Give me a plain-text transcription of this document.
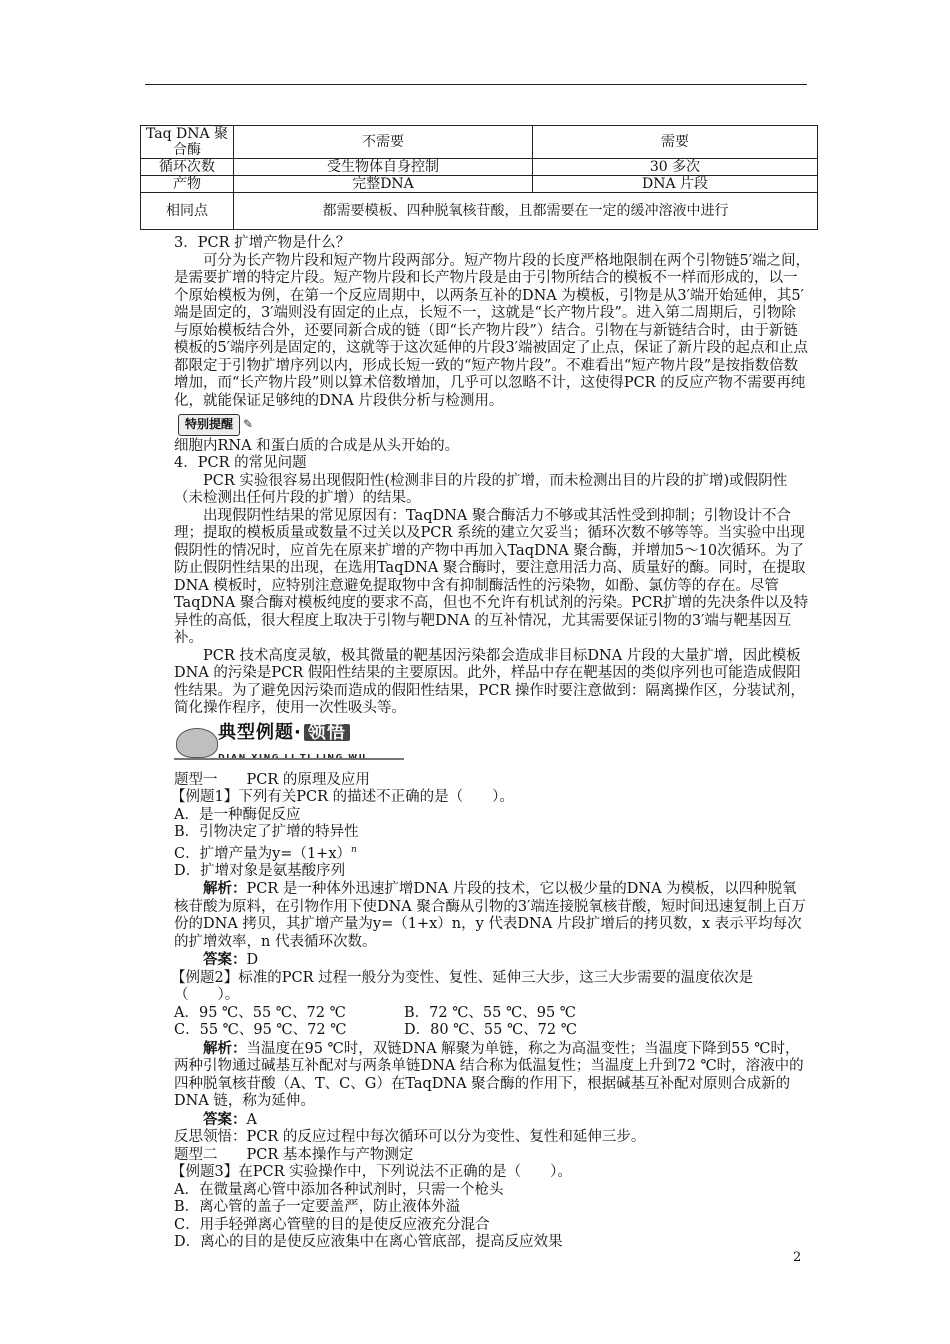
Taq DNA 聚
合酶	不需要	需要
循环次数	受生物体自身控制	30 多次
产物	完整DNA	DNA 片段
相同点	都需要模板、四种脱氧核苷酸，且都需要在一定的缓冲溶液中进行	

3．PCR 扩增产物是什么？

可分为长产物片段和短产物片段两部分。短产物片段的长度严格地限制在两个引物链5′端之间，是需要扩增的特定片段。短产物片段和长产物片段是由于引物所结合的模板不一样而形成的，以一个原始模板为例，在第一个反应周期中，以两条互补的DNA 为模板，引物是从3′端开始延伸，其5′端是固定的，3′端则没有固定的止点，长短不一，这就是“长产物片段”。进入第二周期后，引物除与原始模板结合外，还要同新合成的链（即“长产物片段”）结合。引物在与新链结合时，由于新链模板的5′端序列是固定的，这就等于这次延伸的片段3′端被固定了止点，保证了新片段的起点和止点都限定于引物扩增序列以内，形成长短一致的“短产物片段”。不难看出“短产物片段”是按指数倍数增加，而“长产物片段”则以算术倍数增加，几乎可以忽略不计，这使得PCR 的反应产物不需要再纯化，就能保证足够纯的DNA 片段供分析与检测用。

特别提醒 ✎

细胞内RNA 和蛋白质的合成是从头开始的。

4．PCR 的常见问题

PCR 实验很容易出现假阳性(检测非目的片段的扩增，而未检测出目的片段的扩增)或假阴性（未检测出任何片段的扩增）的结果。

出现假阴性结果的常见原因有：TaqDNA 聚合酶活力不够或其活性受到抑制；引物设计不合理；提取的模板质量或数量不过关以及PCR 系统的建立欠妥当；循环次数不够等等。当实验中出现假阴性的情况时，应首先在原来扩增的产物中再加入TaqDNA 聚合酶，并增加5～10次循环。为了防止假阴性结果的出现，在选用TaqDNA 聚合酶时，要注意用活力高、质量好的酶。同时，在提取DNA 模板时，应特别注意避免提取物中含有抑制酶活性的污染物，如酚、氯仿等的存在。尽管TaqDNA 聚合酶对模板纯度的要求不高，但也不允许有机试剂的污染。PCR扩增的先决条件以及特异性的高低，很大程度上取决于引物与靶DNA 的互补情况，尤其需要保证引物的3′端与靶基因互补。

PCR 技术高度灵敏，极其微量的靶基因污染都会造成非目标DNA 片段的大量扩增，因此模板DNA 的污染是PCR 假阳性结果的主要原因。此外，样品中存在靶基因的类似序列也可能造成假阳性结果。为了避免因污染而造成的假阳性结果，PCR 操作时要注意做到：隔离操作区，分装试剂，简化操作程序，使用一次性吸头等。

典型例题· 领悟

题型一　　PCR 的原理及应用

【例题1】下列有关PCR 的描述不正确的是（　　）。

A．是一种酶促反应

B．引物决定了扩增的特异性

C．扩增产量为$y=(1+x)^n$

D．扩增对象是氨基酸序列

解析：PCR 是一种体外迅速扩增DNA 片段的技术，它以极少量的DNA 为模板，以四种脱氧核苷酸为原料，在引物作用下使DNA 聚合酶从引物的3′端连接脱氧核苷酸，短时间迅速复制上百万份的DNA 拷贝，其扩增产量为y=（1+x）n，y 代表DNA 片段扩增后的拷贝数，x 表示平均每次的扩增效率，n 代表循环次数。

答案：D

【例题2】标准的PCR 过程一般分为变性、复性、延伸三大步，这三大步需要的温度依次是（　　）。

A．95 ℃、55 ℃、72 ℃	B．72 ℃、55 ℃、95 ℃

C．55 ℃、95 ℃、72 ℃	D．80 ℃、55 ℃、72 ℃

解析：当温度在95 ℃时，双链DNA 解聚为单链，称之为高温变性；当温度下降到55 ℃时，两种引物通过碱基互补配对与两条单链DNA 结合称为低温复性；当温度上升到72 ℃时，溶液中的四种脱氧核苷酸（A、T、C、G）在TaqDNA 聚合酶的作用下，根据碱基互补配对原则合成新的DNA 链，称为延伸。

答案：A

反思领悟：PCR 的反应过程中每次循环可以分为变性、复性和延伸三步。

题型二　　PCR 基本操作与产物测定

【例题3】在PCR 实验操作中，下列说法不正确的是（　　）。

A．在微量离心管中添加各种试剂时，只需一个枪头

B．离心管的盖子一定要盖严，防止液体外溢

C．用手轻弹离心管壁的目的是使反应液充分混合

D．离心的目的是使反应液集中在离心管底部，提高反应效果

2
